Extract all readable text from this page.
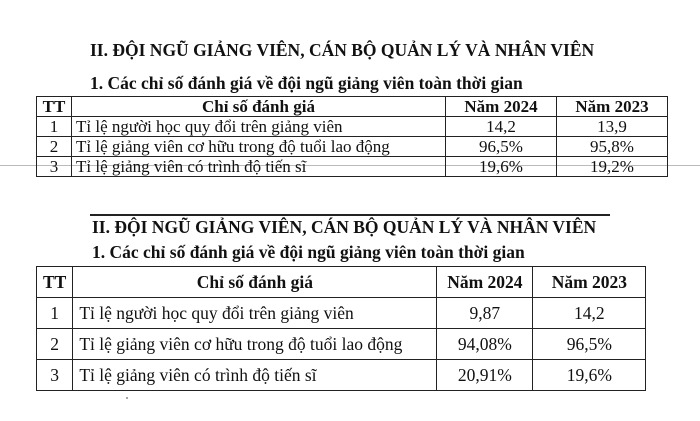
II. ĐỘI NGŨ GIẢNG VIÊN, CÁN BỘ QUẢN LÝ VÀ NHÂN VIÊN
1. Các chỉ số đánh giá về đội ngũ giảng viên toàn thời gian
TT	Chỉ số đánh giá	Năm 2024	Năm 2023
1	Tỉ lệ người học quy đổi trên giảng viên	14,2	13,9
2	Tỉ lệ giảng viên cơ hữu trong độ tuổi lao động	96,5%	95,8%
3	Tỉ lệ giảng viên có trình độ tiến sĩ	19,6%	19,2%
II. ĐỘI NGŨ GIẢNG VIÊN, CÁN BỘ QUẢN LÝ VÀ NHÂN VIÊN
1. Các chỉ số đánh giá về đội ngũ giảng viên toàn thời gian
TT	Chỉ số đánh giá	Năm 2024	Năm 2023
1	Tỉ lệ người học quy đổi trên giảng viên	9,87	14,2
2	Tỉ lệ giảng viên cơ hữu trong độ tuổi lao động	94,08%	96,5%
3	Tỉ lệ giảng viên có trình độ tiến sĩ	20,91%	19,6%
